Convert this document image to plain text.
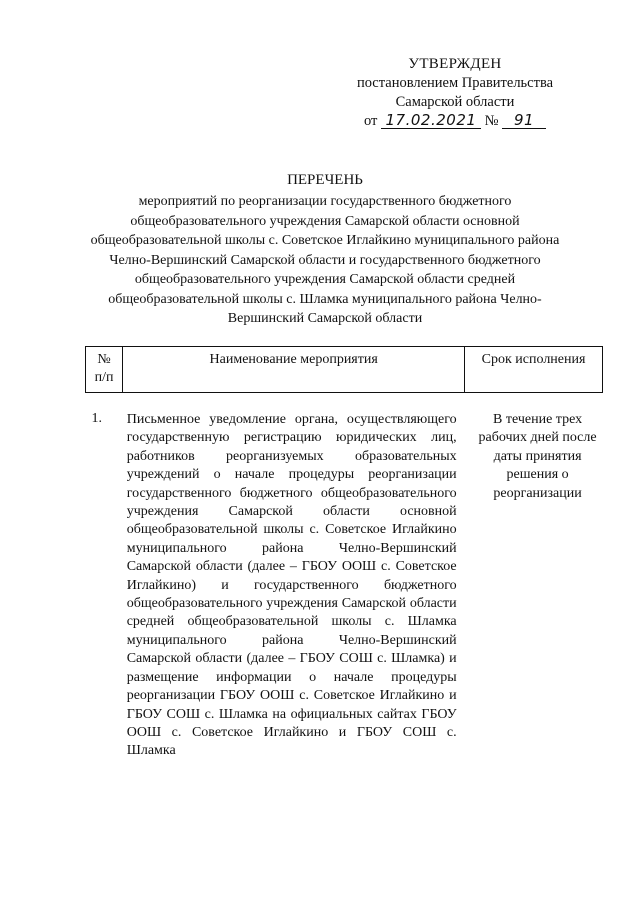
УТВЕРЖДЕН
постановлением Правительства
Самарской области
от 17.02.2021 № 91
ПЕРЕЧЕНЬ
мероприятий по реорганизации государственного бюджетного общеобразовательного учреждения Самарской области основной общеобразовательной школы с. Советское Иглайкино муниципального района Челно-Вершинский Самарской области и государственного бюджетного общеобразовательного учреждения Самарской области средней общеобразовательной школы с. Шламка муниципального района Челно-Вершинский Самарской области
№ п/п	Наименование мероприятия	Срок исполнения

1.	Письменное уведомление органа, осуществляющего государственную регистрацию юридических лиц, работников реорганизуемых образовательных учреждений о начале процедуры реорганизации государственного бюджетного общеобразовательного учреждения Самарской области основной общеобразовательной школы с. Советское Иглайкино муниципального района Челно-Вершинский Самарской области (далее – ГБОУ ООШ с. Советское Иглайкино) и государственного бюджетного общеобразовательного учреждения Самарской области средней общеобразовательной школы с. Шламка муниципального района Челно-Вершинский Самарской области (далее – ГБОУ СОШ с. Шламка) и размещение информации о начале процедуры реорганизации ГБОУ ООШ с. Советское Иглайкино и ГБОУ СОШ с. Шламка на официальных сайтах ГБОУ ООШ с. Советское Иглайкино и ГБОУ СОШ с. Шламка	В течение трех рабочих дней после даты принятия решения о реорганизации
